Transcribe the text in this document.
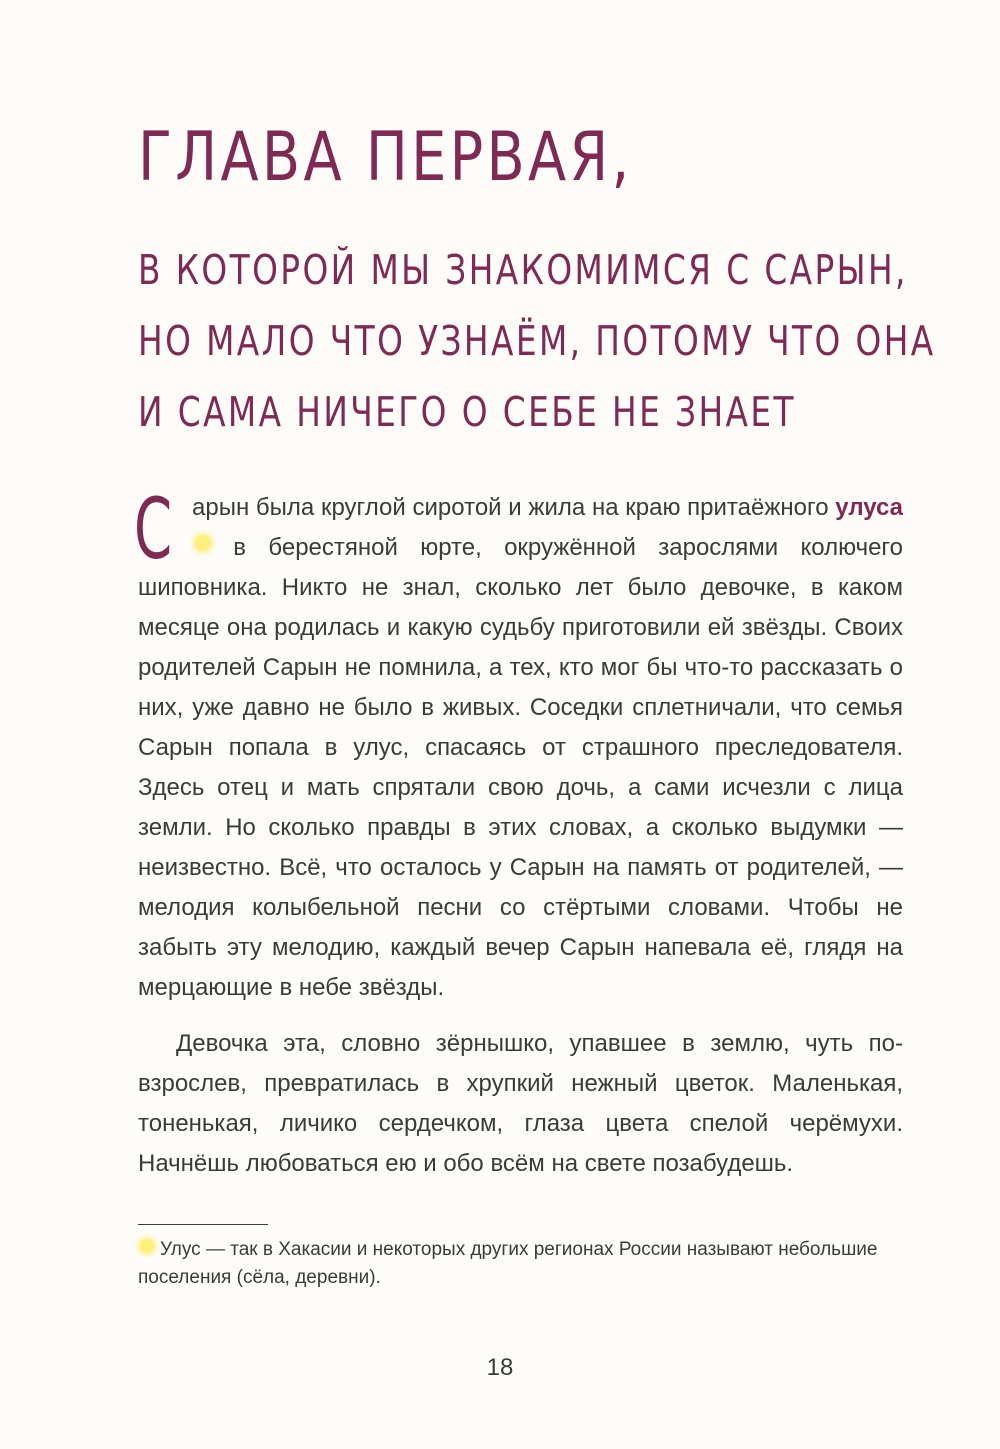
ГЛАВА ПЕРВАЯ,
В КОТОРОЙ МЫ ЗНАКОМИМСЯ С САРЫН,
НО МАЛО ЧТО УЗНАЁМ, ПОТОМУ ЧТО ОНА
И САМА НИЧЕГО О СЕБЕ НЕ ЗНАЕТ

Сарын была круглой сиротой и жила на краю притаёжного улуса в берестяной юрте, окружённой зарослями колючего шиповника. Никто не знал, сколько лет было девочке, в каком месяце она родилась и какую судьбу приготовили ей звёзды. Своих родителей Сарын не помнила, а тех, кто мог бы что-то рассказать о них, уже давно не было в живых. Соседки сплетничали, что семья Сарын попала в улус, спасаясь от страшного преследователя. Здесь отец и мать спрятали свою дочь, а сами исчезли с лица земли. Но сколько правды в этих словах, а сколько выдумки — неизвестно. Всё, что осталось у Сарын на память от родителей, — мелодия колыбельной песни со стёртыми словами. Чтобы не забыть эту мелодию, каждый вечер Сарын напевала её, глядя на мерцающие в небе звёзды.

Девочка эта, словно зёрнышко, упавшее в землю, чуть повзрослев, превратилась в хрупкий нежный цветок. Маленькая, тоненькая, личико сердечком, глаза цвета спелой черёмухи. Начнёшь любоваться ею и обо всём на свете позабудешь.

Улус — так в Хакасии и некоторых других регионах России называют небольшие поселения (сёла, деревни).
18
